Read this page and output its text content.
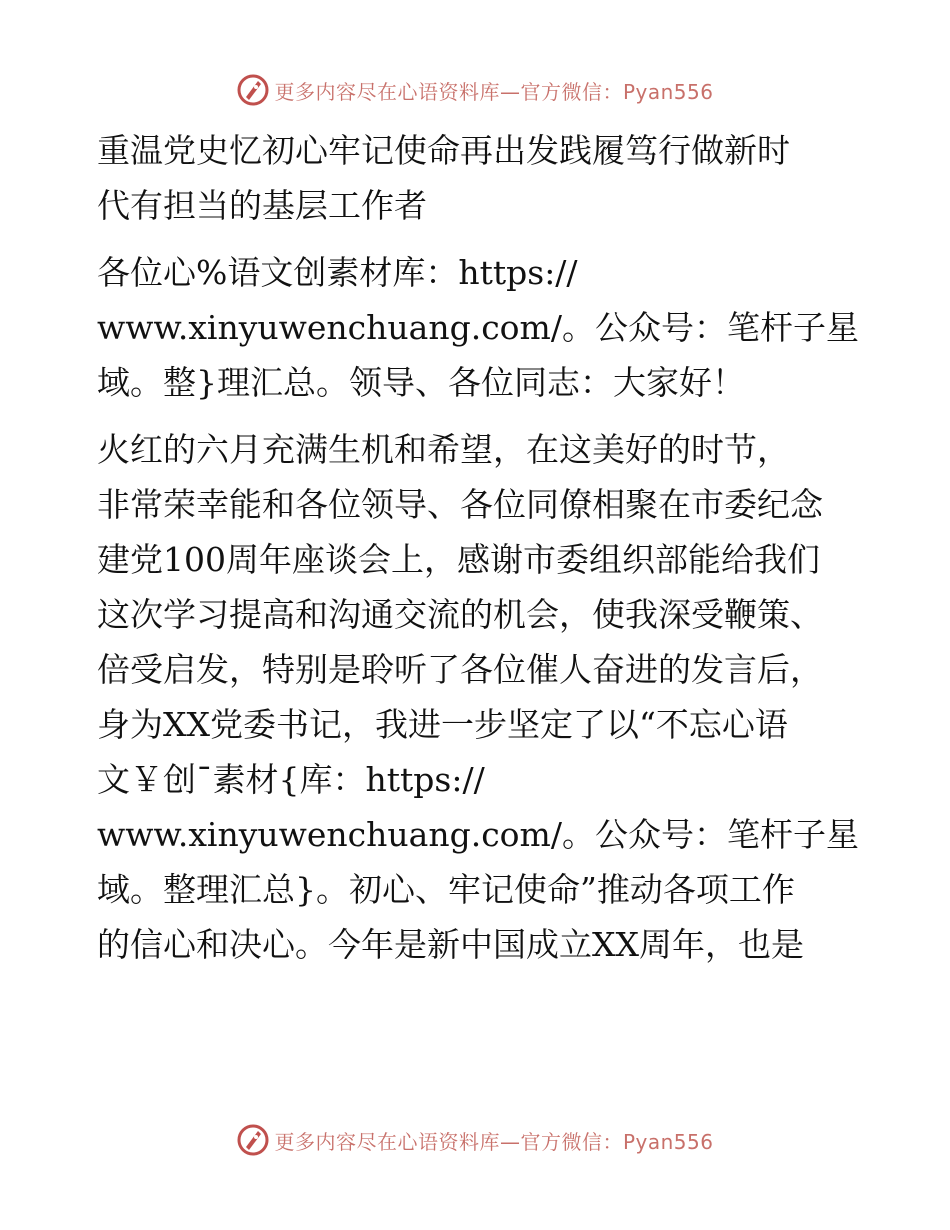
更多内容尽在心语资料库—官方微信：Pyan556
重温党史忆初心牢记使命再出发践履笃行做新时
代有担当的基层工作者
各位心%语文创素材库：https://
www.xinyuwenchuang.com/。公众号：笔杆子星
域。整}理汇总。领导、各位同志：大家好！
火红的六月充满生机和希望，在这美好的时节，
非常荣幸能和各位领导、各位同僚相聚在市委纪念
建党100周年座谈会上，感谢市委组织部能给我们
这次学习提高和沟通交流的机会，使我深受鞭策、
倍受启发，特别是聆听了各位催人奋进的发言后，
身为XX党委书记，我进一步坚定了以“不忘心语
文￥创¯素材{库：https://
www.xinyuwenchuang.com/。公众号：笔杆子星
域。整理汇总}。初心、牢记使命”推动各项工作
的信心和决心。今年是新中国成立XX周年，也是
更多内容尽在心语资料库—官方微信：Pyan556
